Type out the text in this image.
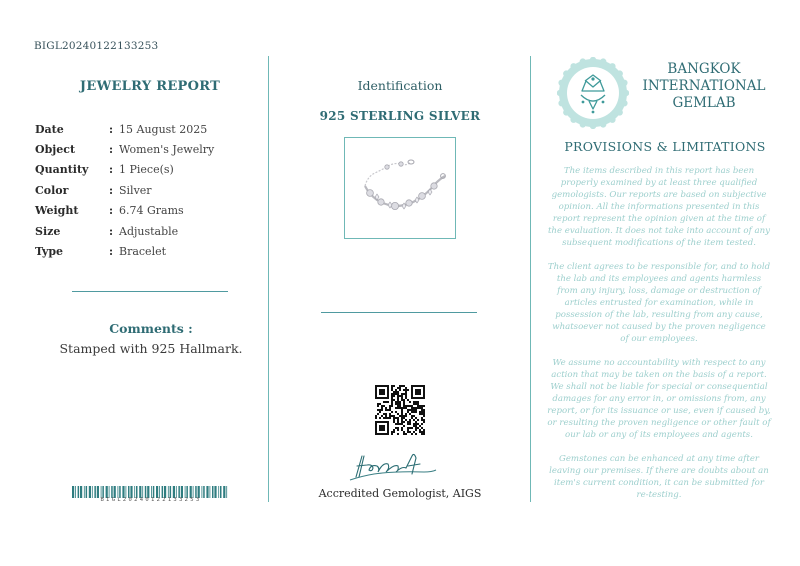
BIGL20240122133253
JEWELRY REPORT
Date	: 15 August 2025
Object	: Women's Jewelry
Quantity	: 1 Piece(s)
Color	: Silver
Weight	: 6.74 Grams
Size	: Adjustable
Type	: Bracelet
Comments :
Stamped with 925 Hallmark.
BIGL20240122133253
Identification
925 STERLING SILVER
Accredited Gemologist, AIGS
BANGKOK
INTERNATIONAL
GEMLAB
PROVISIONS & LIMITATIONS
The items described in this report has been properly examined by at least three qualified gemologists. Our reports are based on subjective opinion. All the informations presented in this report represent the opinion given at the time of the evaluation. It does not take into account of any subsequent modifications of the item tested.
The client agrees to be responsible for, and to hold the lab and its employees and agents harmless from any injury, loss, damage or destruction of articles entrusted for examination, while in possession of the lab, resulting from any cause, whatsoever not caused by the proven negligence of our employees.
We assume no accountability with respect to any action that may be taken on the basis of a report. We shall not be liable for special or consequential damages for any error in, or omissions from, any report, or for its issuance or use, even if caused by, or resulting the proven negligence or other fault of our lab or any of its employees and agents.
Gemstones can be enhanced at any time after leaving our premises. If there are doubts about an item's current condition, it can be submitted for re-testing.
